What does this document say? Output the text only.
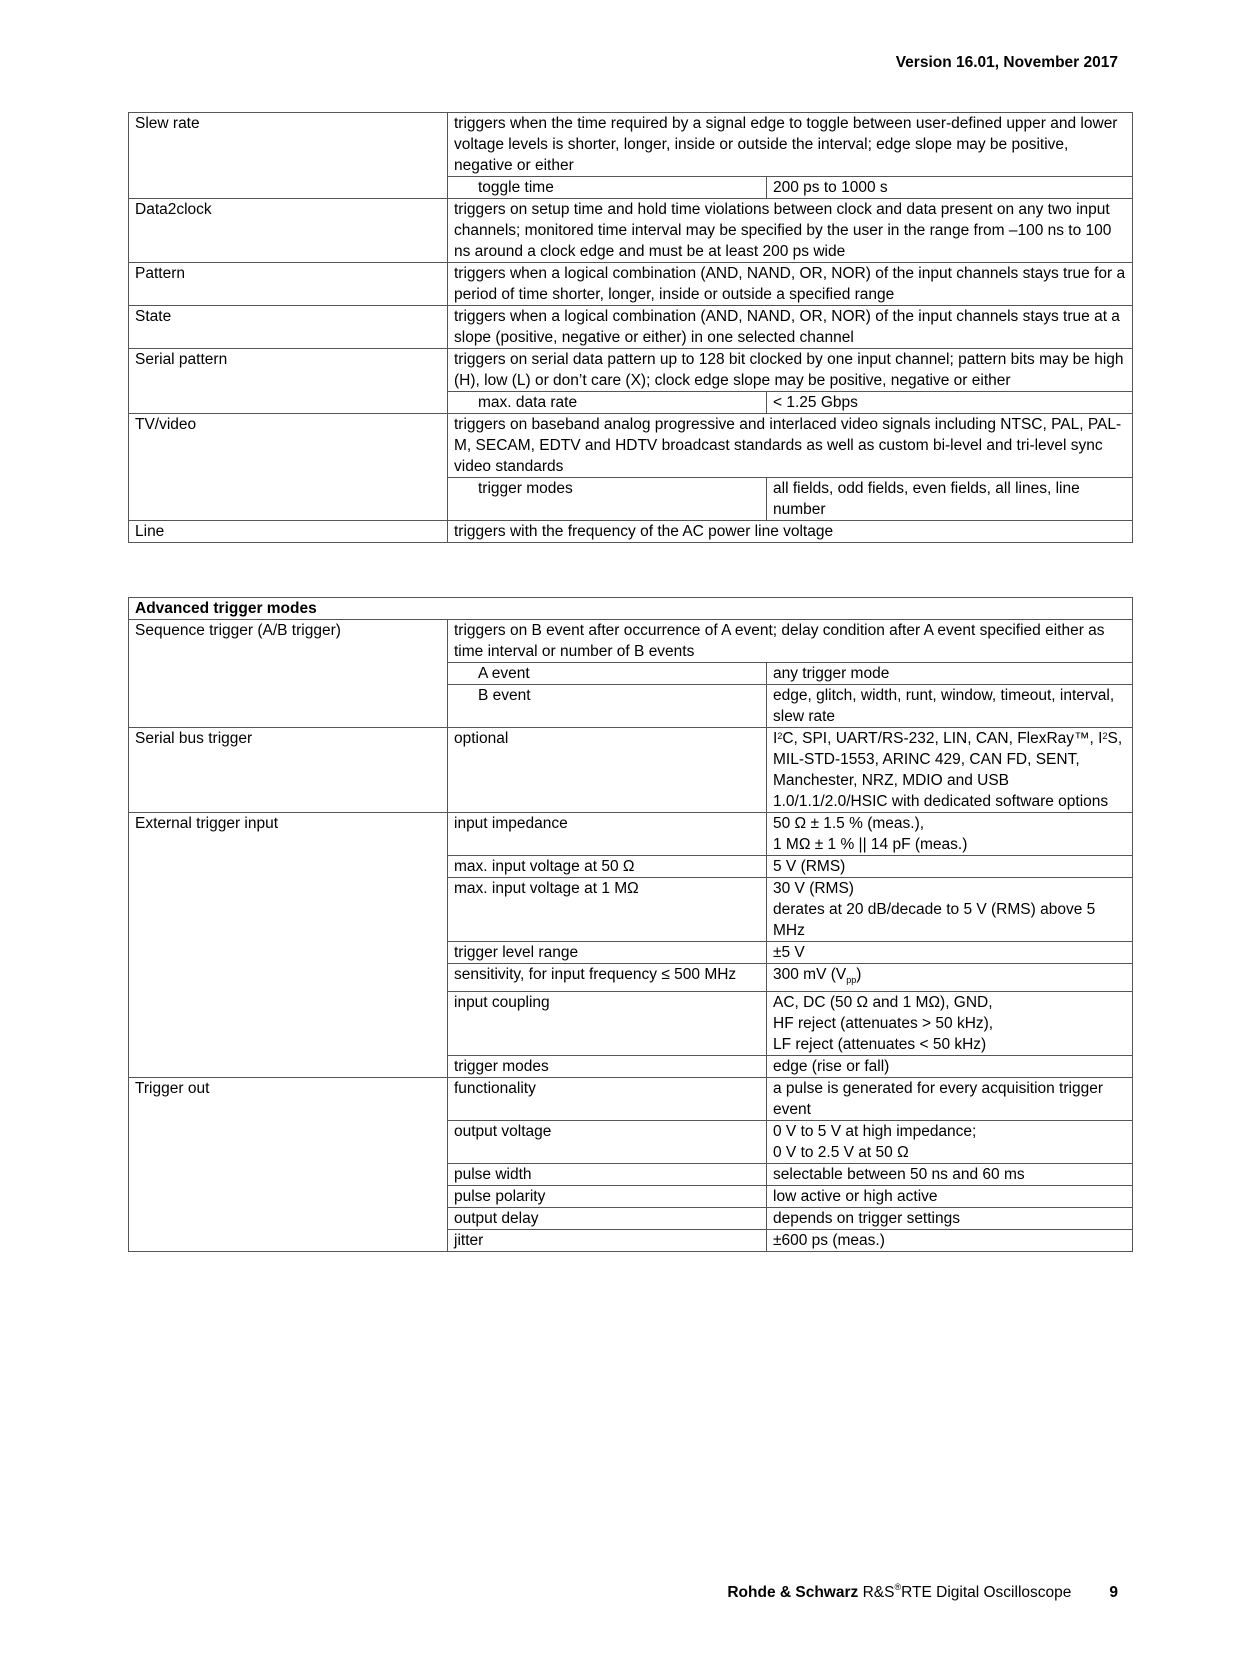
Version 16.01, November 2017
Slew rate	triggers when the time required by a signal edge to toggle between user-defined upper and lower voltage levels is shorter, longer, inside or outside the interval; edge slope may be positive, negative or either	
	toggle time	200 ps to 1000 s
Data2clock	triggers on setup time and hold time violations between clock and data present on any two input channels; monitored time interval may be specified by the user in the range from –100 ns to 100 ns around a clock edge and must be at least 200 ps wide	
Pattern	triggers when a logical combination (AND, NAND, OR, NOR) of the input channels stays true for a period of time shorter, longer, inside or outside a specified range	
State	triggers when a logical combination (AND, NAND, OR, NOR) of the input channels stays true at a slope (positive, negative or either) in one selected channel	
Serial pattern	triggers on serial data pattern up to 128 bit clocked by one input channel; pattern bits may be high (H), low (L) or don’t care (X); clock edge slope may be positive, negative or either	
	max. data rate	< 1.25 Gbps
TV/video	triggers on baseband analog progressive and interlaced video signals including NTSC, PAL, PAL-M, SECAM, EDTV and HDTV broadcast standards as well as custom bi-level and tri-level sync video standards	
	trigger modes	all fields, odd fields, even fields, all lines, line number
Line	triggers with the frequency of the AC power line voltage	
Advanced trigger modes		
Sequence trigger (A/B trigger)	triggers on B event after occurrence of A event; delay condition after A event specified either as time interval or number of B events	
	A event	any trigger mode
	B event	edge, glitch, width, runt, window, timeout, interval, slew rate
Serial bus trigger	optional	$I^2C$, SPI, UART/RS-232, LIN, CAN, FlexRay™, $I^2S$, MIL-STD-1553, ARINC 429, CAN FD, SENT, Manchester, NRZ, MDIO and USB 1.0/1.1/2.0/HSIC with dedicated software options
External trigger input	input impedance	50 Ω ± 1.5 % (meas.),
1 MΩ ± 1 % || 14 pF (meas.)

	max. input voltage at 50 Ω	5 V (RMS)
	max. input voltage at 1 MΩ	30 V (RMS)
derates at 20 dB/decade to 5 V (RMS) above 5 MHz

	trigger level range	±5 V
	sensitivity, for input frequency ≤ 500 MHz	300 mV $(V_{pp})$
	input coupling	AC, DC (50 Ω and 1 MΩ), GND,
HF reject (attenuates > 50 kHz),
LF reject (attenuates < 50 kHz)

	trigger modes	edge (rise or fall)
Trigger out	functionality	a pulse is generated for every acquisition trigger event
	output voltage	0 V to 5 V at high impedance;
0 V to 2.5 V at 50 Ω

	pulse width	selectable between 50 ns and 60 ms
	pulse polarity	low active or high active
	output delay	depends on trigger settings
	jitter	±600 ps (meas.)
Rohde & Schwarz R&S®RTE Digital Oscilloscope 9
